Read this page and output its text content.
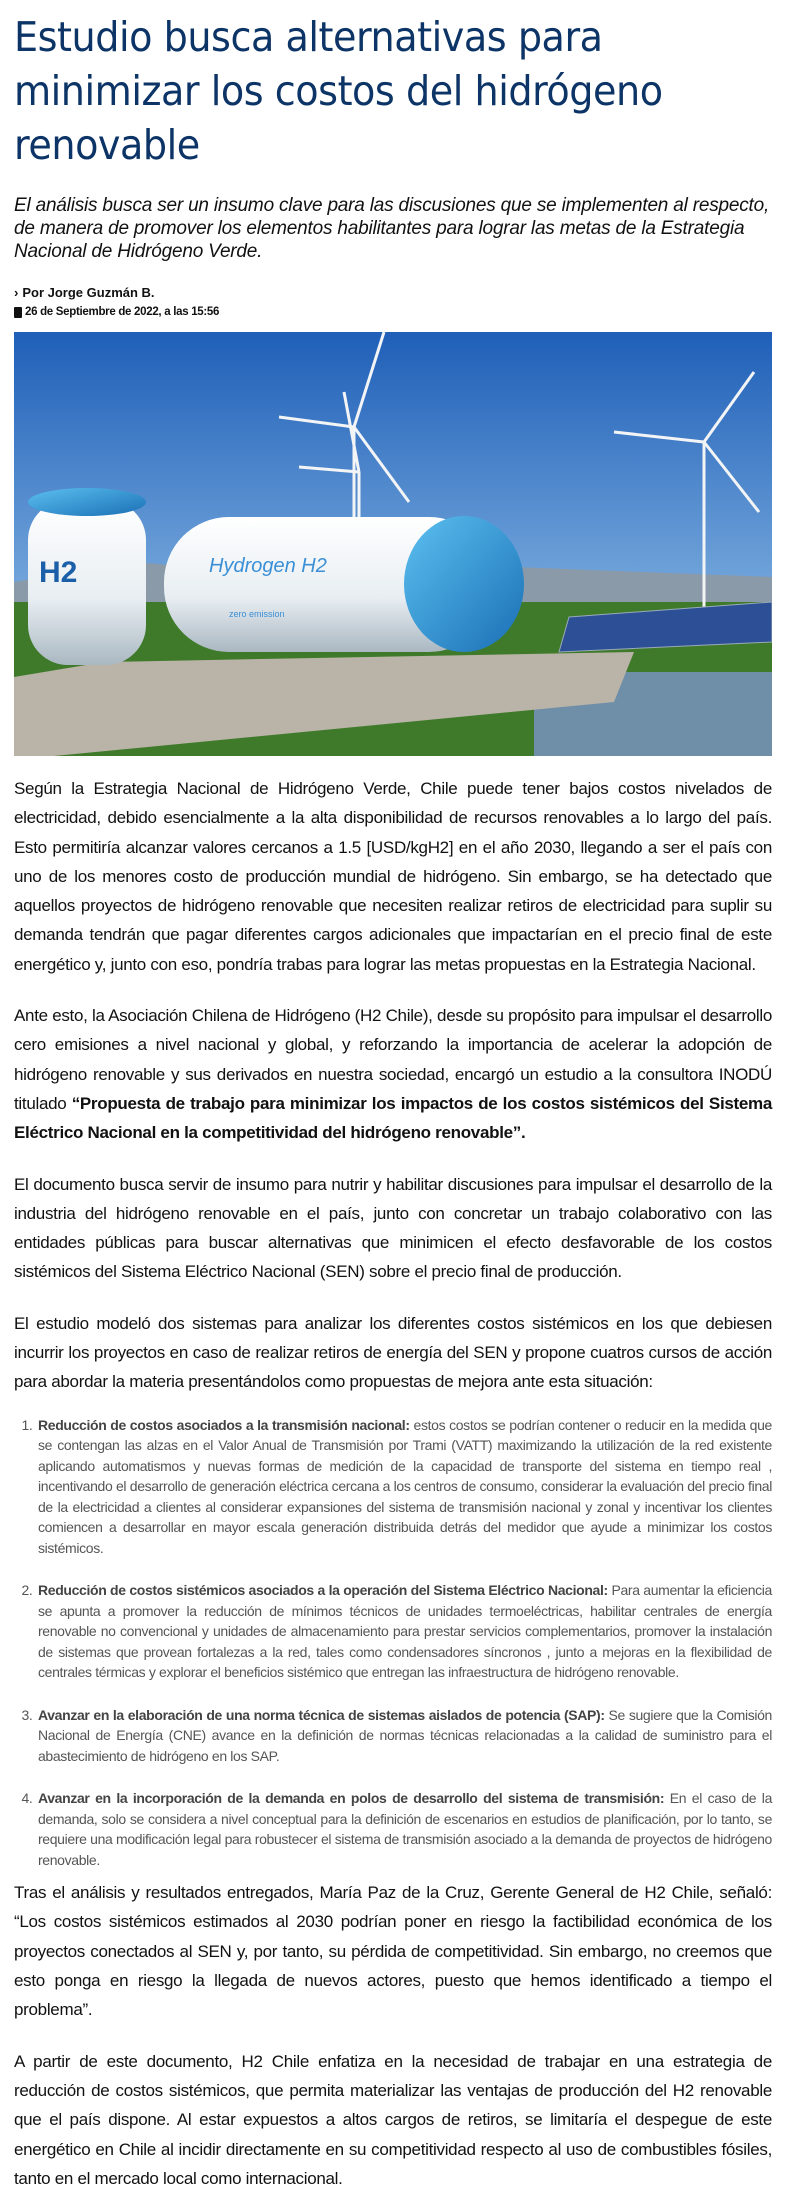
Estudio busca alternativas para minimizar los costos del hidrógeno renovable

El análisis busca ser un insumo clave para las discusiones que se implementen al respecto, de manera de promover los elementos habilitantes para lograr las metas de la Estrategia Nacional de Hidrógeno Verde.

› Por Jorge Guzmán B.
26 de Septiembre de 2022, a las 15:56
H2	Hydrogen H2
zero emission

Según la Estrategia Nacional de Hidrógeno Verde, Chile puede tener bajos costos nivelados de electricidad, debido esencialmente a la alta disponibilidad de recursos renovables a lo largo del país. Esto permitiría alcanzar valores cercanos a 1.5 [USD/kgH2] en el año 2030, llegando a ser el país con uno de los menores costo de producción mundial de hidrógeno. Sin embargo, se ha detectado que aquellos proyectos de hidrógeno renovable que necesiten realizar retiros de electricidad para suplir su demanda tendrán que pagar diferentes cargos adicionales que impactarían en el precio final de este energético y, junto con eso, pondría trabas para lograr las metas propuestas en la Estrategia Nacional.

Ante esto, la Asociación Chilena de Hidrógeno (H2 Chile), desde su propósito para impulsar el desarrollo cero emisiones a nivel nacional y global, y reforzando la importancia de acelerar la adopción de hidrógeno renovable y sus derivados en nuestra sociedad, encargó un estudio a la consultora INODÚ titulado “Propuesta de trabajo para minimizar los impactos de los costos sistémicos del Sistema Eléctrico Nacional en la competitividad del hidrógeno renovable”.

El documento busca servir de insumo para nutrir y habilitar discusiones para impulsar el desarrollo de la industria del hidrógeno renovable en el país, junto con concretar un trabajo colaborativo con las entidades públicas para buscar alternativas que minimicen el efecto desfavorable de los costos sistémicos del Sistema Eléctrico Nacional (SEN) sobre el precio final de producción.

El estudio modeló dos sistemas para analizar los diferentes costos sistémicos en los que debiesen incurrir los proyectos en caso de realizar retiros de energía del SEN y propone cuatros cursos de acción para abordar la materia presentándolos como propuestas de mejora ante esta situación:

1. Reducción de costos asociados a la transmisión nacional: estos costos se podrían contener o reducir en la medida que se contengan las alzas en el Valor Anual de Transmisión por Trami (VATT) maximizando la utilización de la red existente aplicando automatismos y nuevas formas de medición de la capacidad de transporte del sistema en tiempo real , incentivando el desarrollo de generación eléctrica cercana a los centros de consumo, considerar la evaluación del precio final de la electricidad a clientes al considerar expansiones del sistema de transmisión nacional y zonal y incentivar los clientes comiencen a desarrollar en mayor escala generación distribuida detrás del medidor que ayude a minimizar los costos sistémicos.
2. Reducción de costos sistémicos asociados a la operación del Sistema Eléctrico Nacional: Para aumentar la eficiencia se apunta a promover la reducción de mínimos técnicos de unidades termoeléctricas, habilitar centrales de energía renovable no convencional y unidades de almacenamiento para prestar servicios complementarios, promover la instalación de sistemas que provean fortalezas a la red, tales como condensadores síncronos , junto a mejoras en la flexibilidad de centrales térmicas y explorar el beneficios sistémico que entregan las infraestructura de hidrógeno renovable.
3. Avanzar en la elaboración de una norma técnica de sistemas aislados de potencia (SAP): Se sugiere que la Comisión Nacional de Energía (CNE) avance en la definición de normas técnicas relacionadas a la calidad de suministro para el abastecimiento de hidrógeno en los SAP.
4. Avanzar en la incorporación de la demanda en polos de desarrollo del sistema de transmisión: En el caso de la demanda, solo se considera a nivel conceptual para la definición de escenarios en estudios de planificación, por lo tanto, se requiere una modificación legal para robustecer el sistema de transmisión asociado a la demanda de proyectos de hidrógeno renovable.

Tras el análisis y resultados entregados, María Paz de la Cruz, Gerente General de H2 Chile, señaló: “Los costos sistémicos estimados al 2030 podrían poner en riesgo la factibilidad económica de los proyectos conectados al SEN y, por tanto, su pérdida de competitividad. Sin embargo, no creemos que esto ponga en riesgo la llegada de nuevos actores, puesto que hemos identificado a tiempo el problema”.

A partir de este documento, H2 Chile enfatiza en la necesidad de trabajar en una estrategia de reducción de costos sistémicos, que permita materializar las ventajas de producción del H2 renovable que el país dispone. Al estar expuestos a altos cargos de retiros, se limitaría el despegue de este energético en Chile al incidir directamente en su competitividad respecto al uso de combustibles fósiles, tanto en el mercado local como internacional.
